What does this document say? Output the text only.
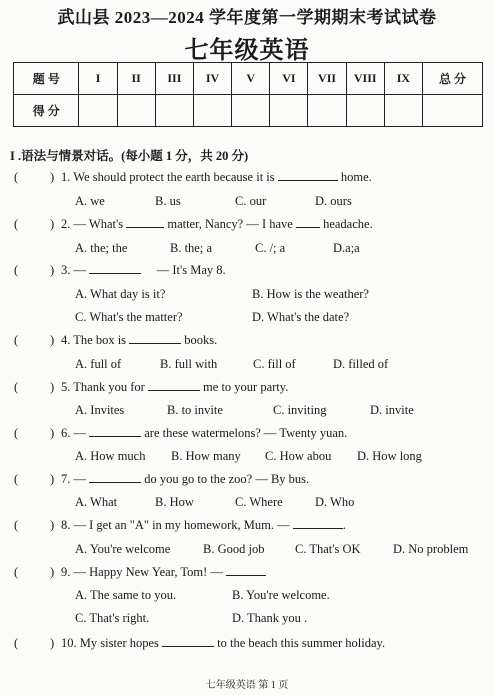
武山县 2023—2024 学年度第一学期期末考试试卷
七年级英语
题 号	I	II	III	IV	V	VI	VII	VIII	IX	总 分
得 分										
I .语法与情景对话。(每小题 1 分，共 20 分)
( )	1. We should protect the earth because it is	home.
A. we	B. us	C. our	D. ours
( )	2. — What's	matter, Nancy? — I have headache.
A. the; the	B. the; a	C. /; a	D.a;a
( )	3. —	— It's May 8.
A. What day is it?	B. How is the weather?
C. What's the matter?	D. What's the date?
( )	4. The box is	books.
A. full of	B. full with	C. fill of	D. filled of
( )	5. Thank you for	me to your party.
A. Invites	B. to invite	C. inviting	D. invite
( )	6. —	are these watermelons? — Twenty yuan.
A. How much B. How many C. How abou D. How long
( )	7. —	do you go to the zoo? — By bus.
A. What	B. How	C. Where	D. Who
( )	8. — I get an "A" in my homework, Mum. —	.
A. You're welcome	B. Good job C. That's OK	D. No problem
( )	9. — Happy New Year, Tom! —
A. The same to you.	B. You're welcome.
C. That's right.	D. Thank you .
( )	10. My sister hopes	to the beach this summer holiday.
七年级英语 第 1 页
